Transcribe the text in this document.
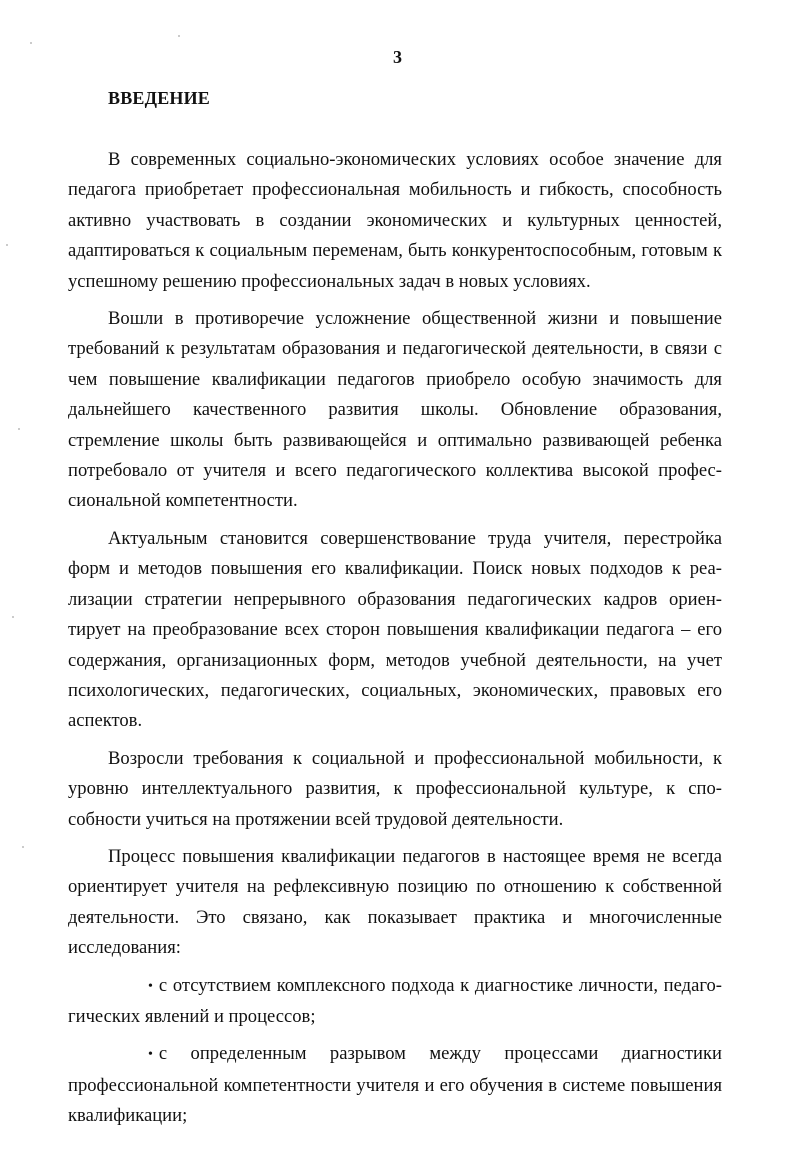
3
ВВЕДЕНИЕ

В современных социально-экономических условиях особое значение для педагога приобретает профессиональная мобильность и гибкость, способность активно участвовать в создании экономических и культурных ценностей, адаптироваться к социальным переменам, быть конкурентоспособным, готовым к успешному решению профессиональных задач в новых условиях.

Вошли в противоречие усложнение общественной жизни и повышение требований к результатам образования и педагогической деятельности, в связи с чем повышение квалификации педагогов приобрело особую значимость для дальнейшего качественного развития школы. Обновление образования, стремление школы быть развивающейся и оптимально развивающей ребенка потребовало от учителя и всего педагогического коллектива высокой профессиональной компетентности.

Актуальным становится совершенствование труда учителя, перестройка форм и методов повышения его квалификации. Поиск новых подходов к реализации стратегии непрерывного образования педагогических кадров ориентирует на преобразование всех сторон повышения квалификации педагога – его содержания, организационных форм, методов учебной деятельности, на учет психологических, педагогических, социальных, экономических, правовых его аспектов.

Возросли требования к социальной и профессиональной мобильности, к уровню интеллектуального развития, к профессиональной культуре, к способности учиться на протяжении всей трудовой деятельности.

Процесс повышения квалификации педагогов в настоящее время не всегда ориентирует учителя на рефлексивную позицию по отношению к собственной деятельности. Это связано, как показывает практика и многочисленные исследования:

• с отсутствием комплексного подхода к диагностике личности, педагогических явлений и процессов;

• с определенным разрывом между процессами диагностики профессиональной компетентности учителя и его обучения в системе повышения квалификации;
